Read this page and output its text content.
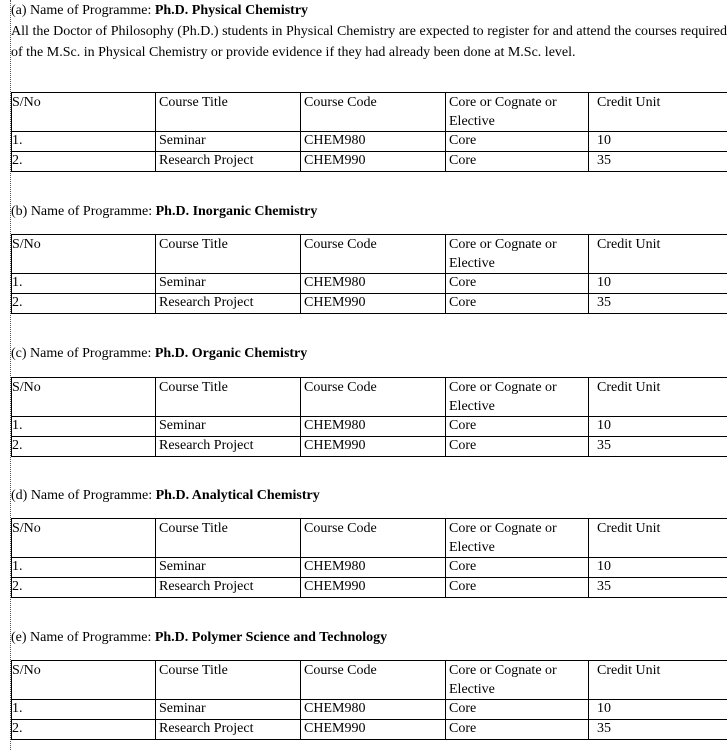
(a) Name of Programme: Ph.D. Physical Chemistry

All the Doctor of Philosophy (Ph.D.) students in Physical Chemistry are expected to register for and attend the courses required of the M.Sc. in Physical Chemistry or provide evidence if they had already been done at M.Sc. level.

S/No	Course Title	Course Code	Core or Cognate or Elective	Credit Unit
1.	Seminar	CHEM980	Core	10
2.	Research Project	CHEM990	Core	35
(b) Name of Programme: Ph.D. Inorganic Chemistry
S/No	Course Title	Course Code	Core or Cognate or Elective	Credit Unit
1.	Seminar	CHEM980	Core	10
2.	Research Project	CHEM990	Core	35
(c) Name of Programme: Ph.D. Organic Chemistry
S/No	Course Title	Course Code	Core or Cognate or Elective	Credit Unit
1.	Seminar	CHEM980	Core	10
2.	Research Project	CHEM990	Core	35
(d) Name of Programme: Ph.D. Analytical Chemistry
S/No	Course Title	Course Code	Core or Cognate or Elective	Credit Unit
1.	Seminar	CHEM980	Core	10
2.	Research Project	CHEM990	Core	35
(e) Name of Programme: Ph.D. Polymer Science and Technology
S/No	Course Title	Course Code	Core or Cognate or Elective	Credit Unit
1.	Seminar	CHEM980	Core	10
2.	Research Project	CHEM990	Core	35
